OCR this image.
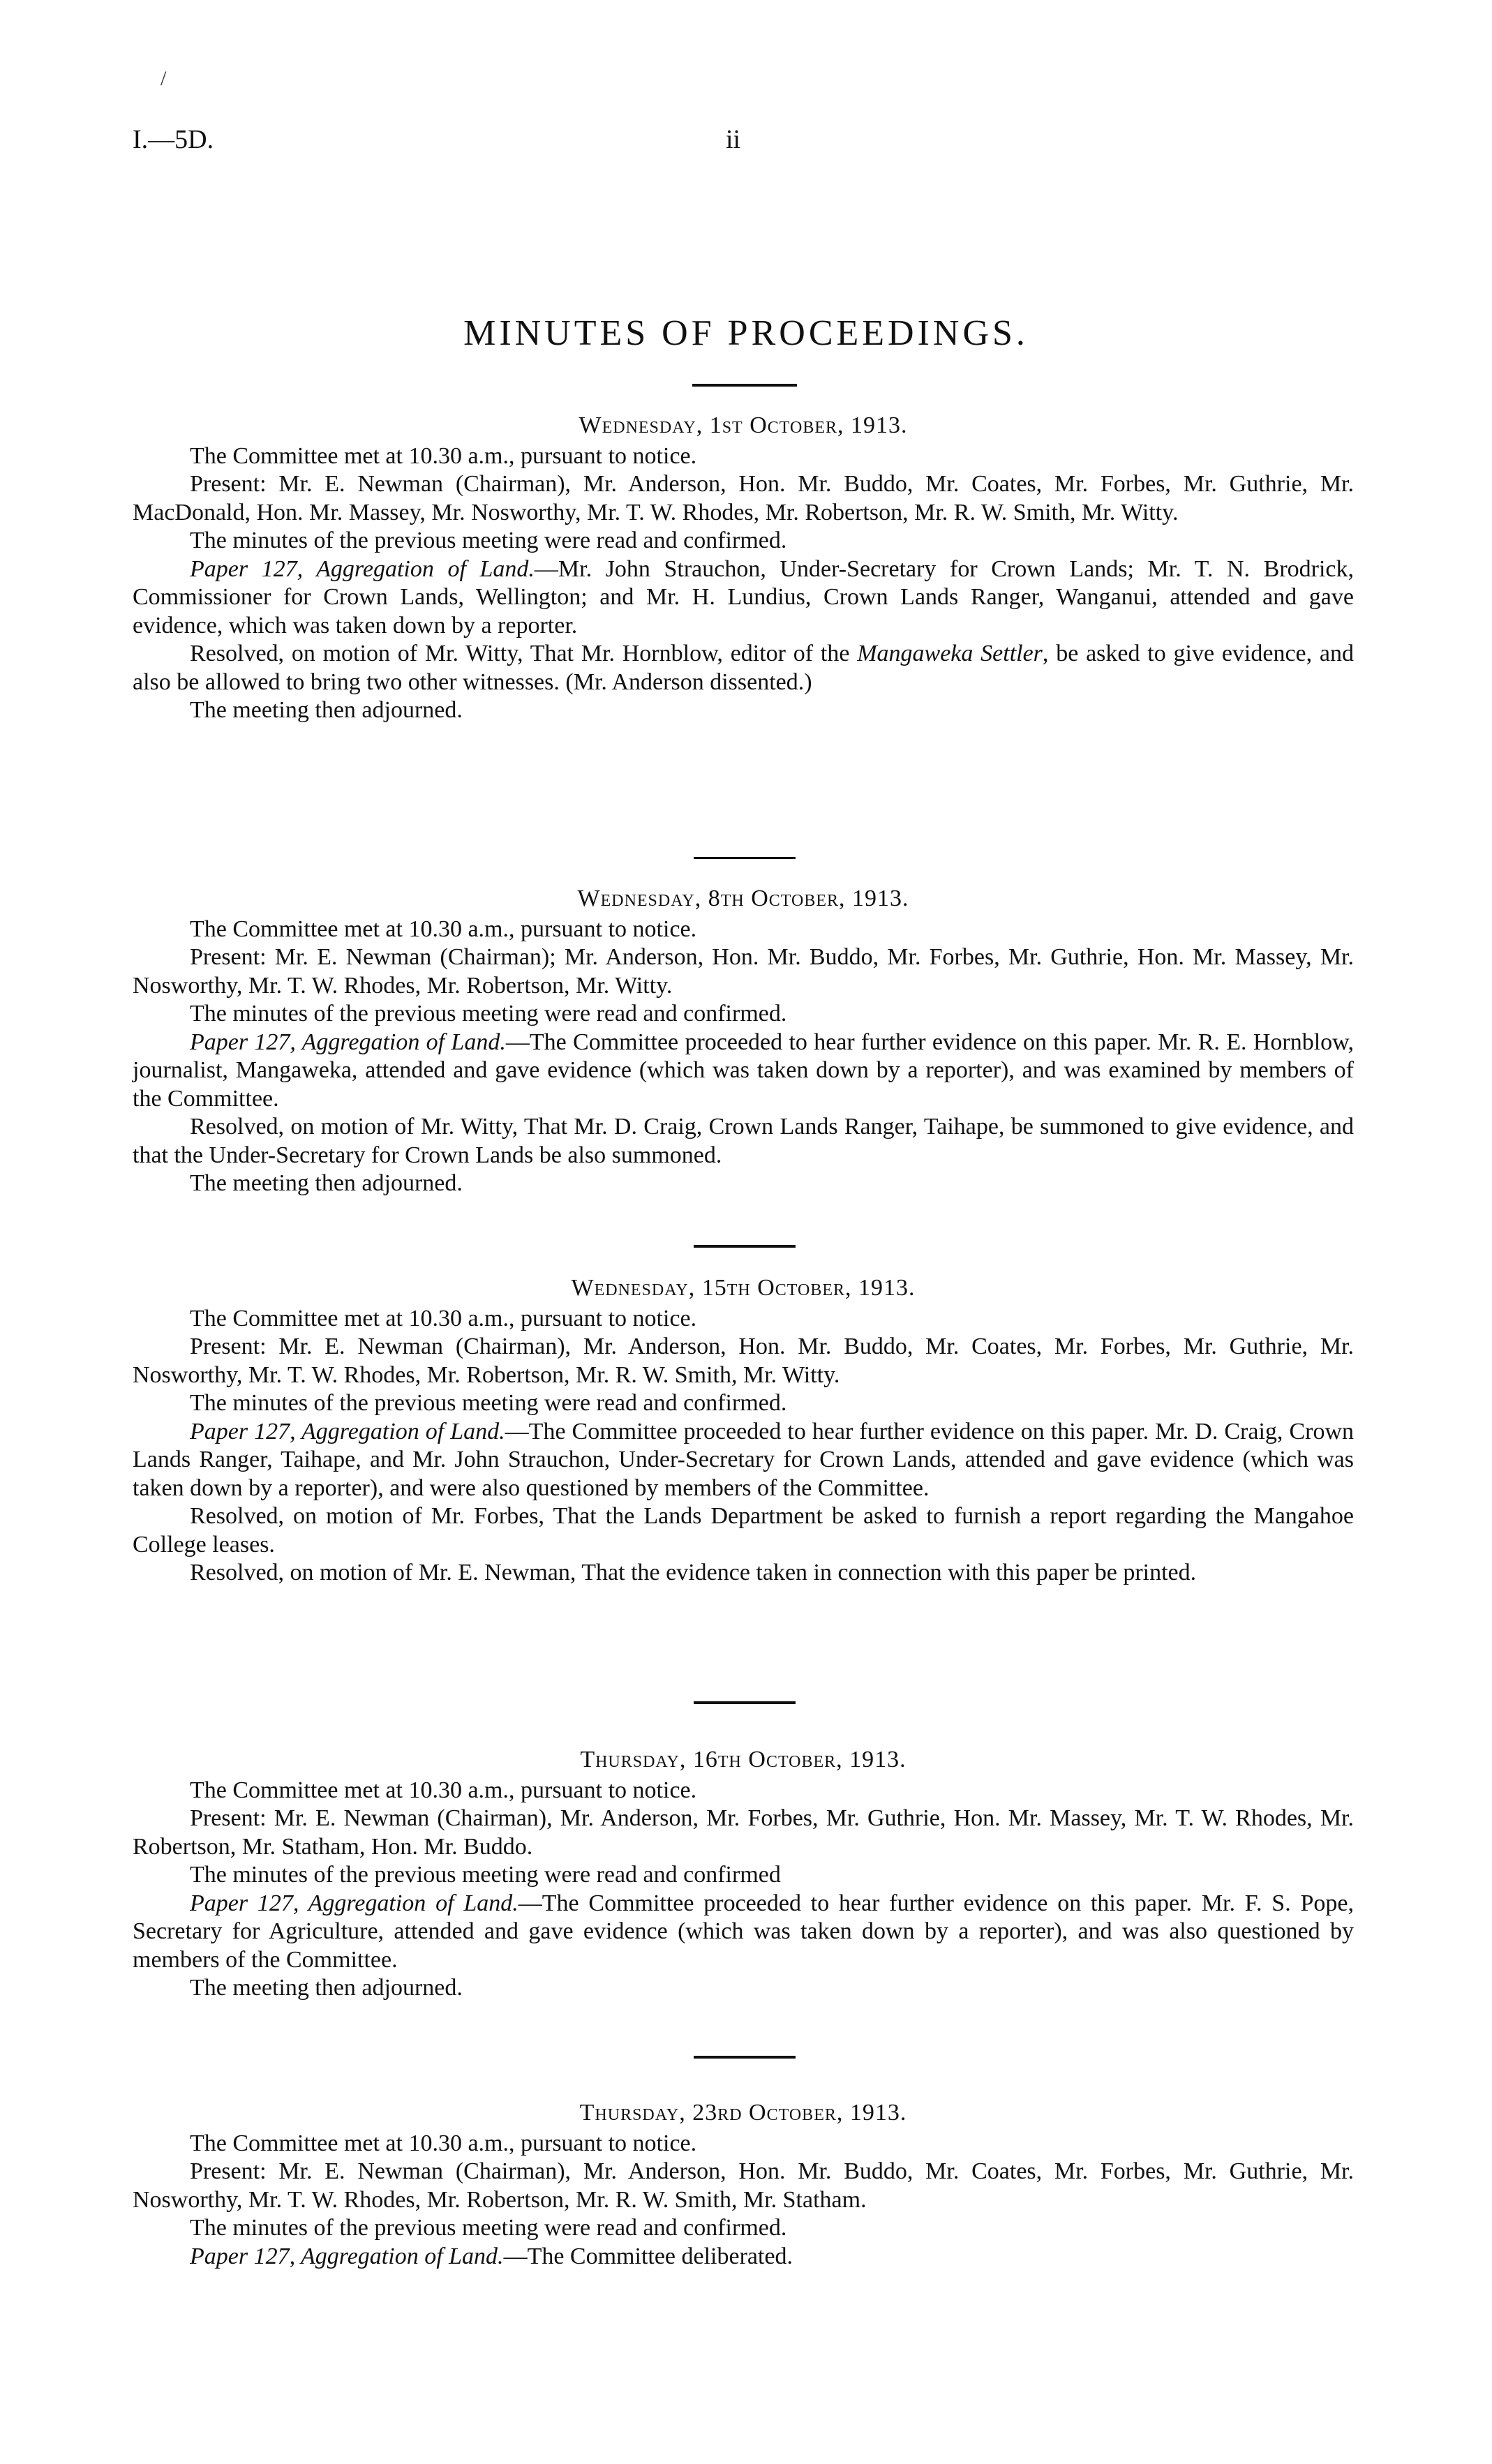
/
I.—5D.	ii
MINUTES OF PROCEEDINGS.
Wednesday, 1st October, 1913.

The Committee met at 10.30 a.m., pursuant to notice.

Present: Mr. E. Newman (Chairman), Mr. Anderson, Hon. Mr. Buddo, Mr. Coates, Mr. Forbes, Mr. Guthrie, Mr. MacDonald, Hon. Mr. Massey, Mr. Nosworthy, Mr. T. W. Rhodes, Mr. Robertson, Mr. R. W. Smith, Mr. Witty.

The minutes of the previous meeting were read and confirmed.

Paper 127, Aggregation of Land.—Mr. John Strauchon, Under-Secretary for Crown Lands; Mr. T. N. Brodrick, Commissioner for Crown Lands, Wellington; and Mr. H. Lundius, Crown Lands Ranger, Wanganui, attended and gave evidence, which was taken down by a reporter.

Resolved, on motion of Mr. Witty, That Mr. Hornblow, editor of the Mangaweka Settler, be asked to give evidence, and also be allowed to bring two other witnesses. (Mr. Anderson dissented.)

The meeting then adjourned.

Wednesday, 8th October, 1913.

The Committee met at 10.30 a.m., pursuant to notice.

Present: Mr. E. Newman (Chairman); Mr. Anderson, Hon. Mr. Buddo, Mr. Forbes, Mr. Guthrie, Hon. Mr. Massey, Mr. Nosworthy, Mr. T. W. Rhodes, Mr. Robertson, Mr. Witty.

The minutes of the previous meeting were read and confirmed.

Paper 127, Aggregation of Land.—The Committee proceeded to hear further evidence on this paper. Mr. R. E. Hornblow, journalist, Mangaweka, attended and gave evidence (which was taken down by a reporter), and was examined by members of the Committee.

Resolved, on motion of Mr. Witty, That Mr. D. Craig, Crown Lands Ranger, Taihape, be summoned to give evidence, and that the Under-Secretary for Crown Lands be also summoned.

The meeting then adjourned.

Wednesday, 15th October, 1913.

The Committee met at 10.30 a.m., pursuant to notice.

Present: Mr. E. Newman (Chairman), Mr. Anderson, Hon. Mr. Buddo, Mr. Coates, Mr. Forbes, Mr. Guthrie, Mr. Nosworthy, Mr. T. W. Rhodes, Mr. Robertson, Mr. R. W. Smith, Mr. Witty.

The minutes of the previous meeting were read and confirmed.

Paper 127, Aggregation of Land.—The Committee proceeded to hear further evidence on this paper. Mr. D. Craig, Crown Lands Ranger, Taihape, and Mr. John Strauchon, Under-Secretary for Crown Lands, attended and gave evidence (which was taken down by a reporter), and were also questioned by members of the Committee.

Resolved, on motion of Mr. Forbes, That the Lands Department be asked to furnish a report regarding the Mangahoe College leases.

Resolved, on motion of Mr. E. Newman, That the evidence taken in connection with this paper be printed.

Thursday, 16th October, 1913.

The Committee met at 10.30 a.m., pursuant to notice.

Present: Mr. E. Newman (Chairman), Mr. Anderson, Mr. Forbes, Mr. Guthrie, Hon. Mr. Massey, Mr. T. W. Rhodes, Mr. Robertson, Mr. Statham, Hon. Mr. Buddo.

The minutes of the previous meeting were read and confirmed

Paper 127, Aggregation of Land.—The Committee proceeded to hear further evidence on this paper. Mr. F. S. Pope, Secretary for Agriculture, attended and gave evidence (which was taken down by a reporter), and was also questioned by members of the Committee.

The meeting then adjourned.

Thursday, 23rd October, 1913.

The Committee met at 10.30 a.m., pursuant to notice.

Present: Mr. E. Newman (Chairman), Mr. Anderson, Hon. Mr. Buddo, Mr. Coates, Mr. Forbes, Mr. Guthrie, Mr. Nosworthy, Mr. T. W. Rhodes, Mr. Robertson, Mr. R. W. Smith, Mr. Statham.

The minutes of the previous meeting were read and confirmed.

Paper 127, Aggregation of Land.—The Committee deliberated.
